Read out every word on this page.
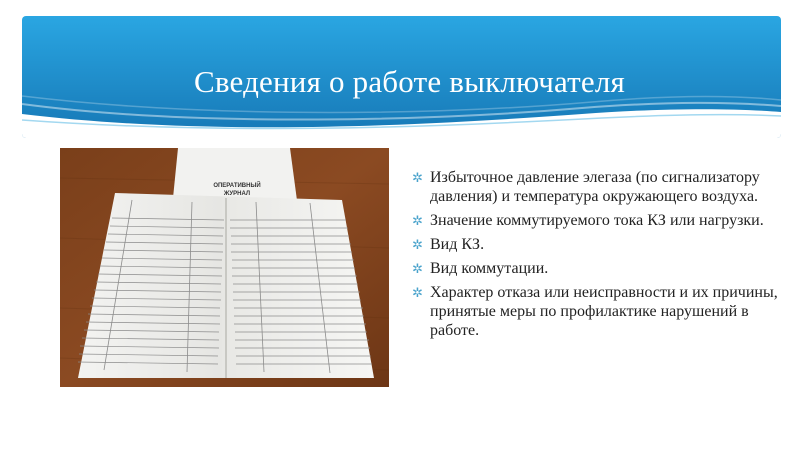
Сведения о работе выключателя
ОПЕРАТИВНЫЙ
ЖУРНАЛ
✲ Избыточное давление элегаза (по сигнализатору давления) и температура окружающего воздуха.
✲ Значение коммутируемого тока КЗ или нагрузки.
✲ Вид КЗ.
✲ Вид коммутации.
✲ Характер отказа или неисправности и их причины, принятые меры по профилактике нарушений в работе.
